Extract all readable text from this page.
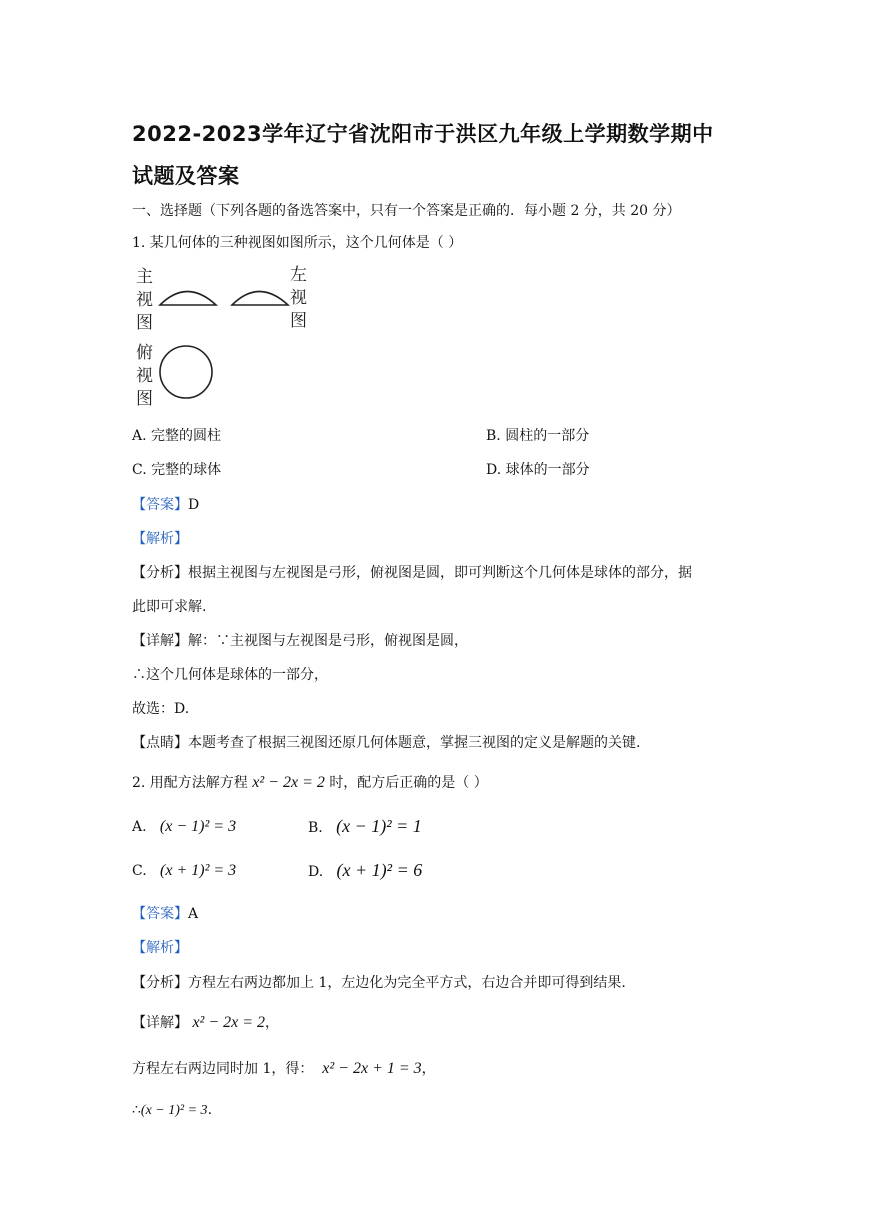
2022-2023学年辽宁省沈阳市于洪区九年级上学期数学期中
试题及答案
一、选择题（下列各题的备选答案中，只有一个答案是正确的．每小题 2 分，共 20 分）
1. 某几何体的三种视图如图所示，这个几何体是（ ）
主
视
图
左
视
图
俯
视
图
A. 完整的圆柱	B. 圆柱的一部分
C. 完整的球体	D. 球体的一部分
【答案】D
【解析】
【分析】根据主视图与左视图是弓形，俯视图是圆，即可判断这个几何体是球体的部分，据
此即可求解.
【详解】解：∵主视图与左视图是弓形，俯视图是圆，
∴这个几何体是球体的一部分，
故选：D.
【点睛】本题考查了根据三视图还原几何体题意，掌握三视图的定义是解题的关键.
2. 用配方法解方程 x² − 2x = 2 时，配方后正确的是（ ）
A. (x − 1)² = 3	B. (x − 1)² = 1
C. (x + 1)² = 3	D. (x + 1)² = 6
【答案】A
【解析】
【分析】方程左右两边都加上 1，左边化为完全平方式，右边合并即可得到结果.
【详解】 x² − 2x = 2，
方程左右两边同时加 1，得： x² − 2x + 1 = 3，
∴(x − 1)² = 3.
